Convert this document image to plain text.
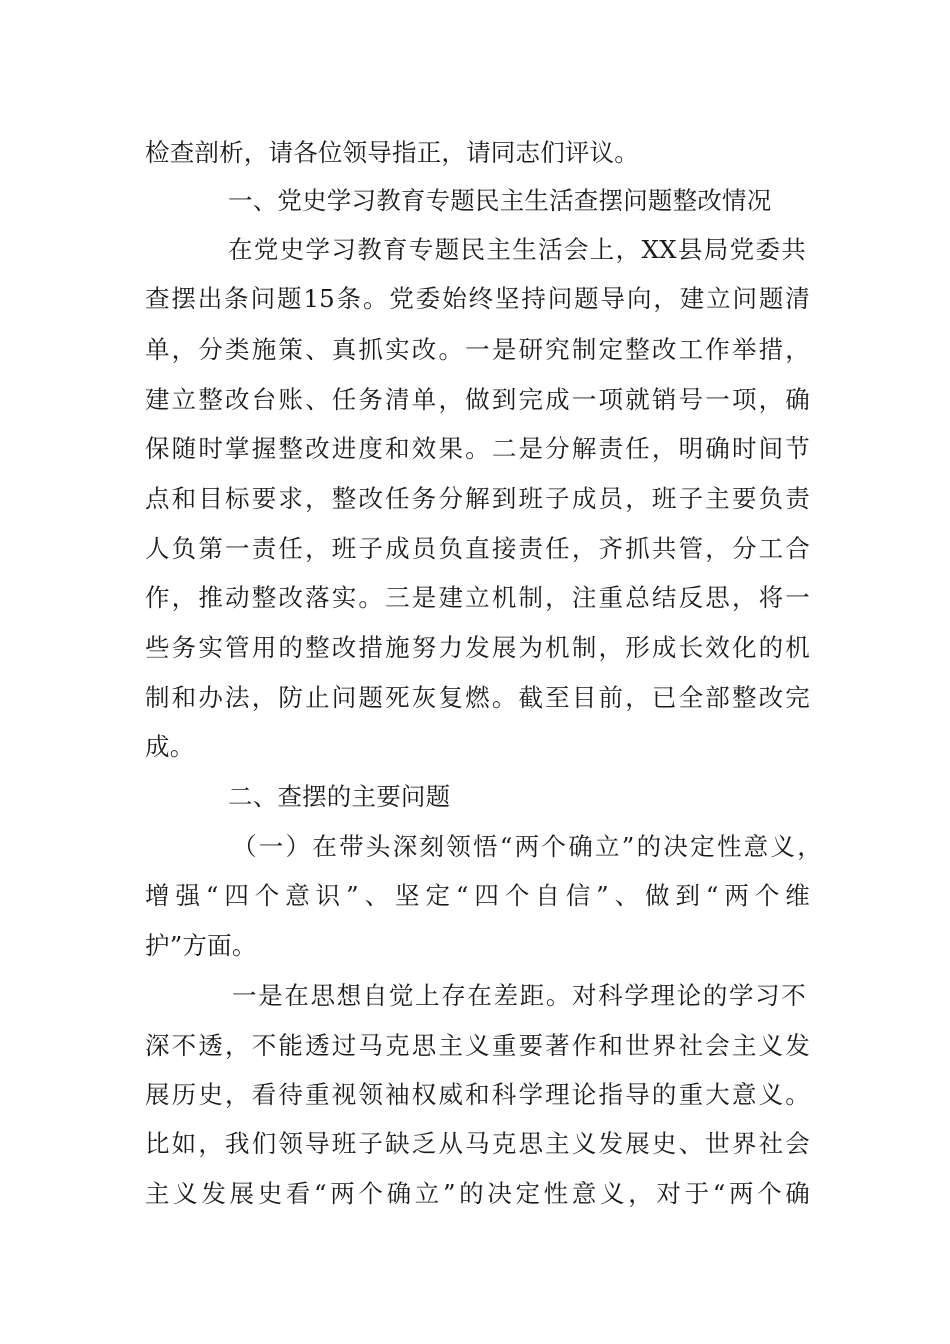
检查剖析，请各位领导指正，请同志们评议。
一、党史学习教育专题民主生活查摆问题整改情况
在党史学习教育专题民主生活会上，XX县局党委共
查摆出条问题15条。党委始终坚持问题导向，建立问题清
单，分类施策、真抓实改。一是研究制定整改工作举措，
建立整改台账、任务清单，做到完成一项就销号一项，确
保随时掌握整改进度和效果。二是分解责任，明确时间节
点和目标要求，整改任务分解到班子成员，班子主要负责
人负第一责任，班子成员负直接责任，齐抓共管，分工合
作，推动整改落实。三是建立机制，注重总结反思，将一
些务实管用的整改措施努力发展为机制，形成长效化的机
制和办法，防止问题死灰复燃。截至目前，已全部整改完
成。
二、查摆的主要问题
（一）在带头深刻领悟“两个确立”的决定性意义，
增强“四个意识”、坚定“四个自信”、做到“两个维
护”方面。
一是在思想自觉上存在差距。对科学理论的学习不
深不透，不能透过马克思主义重要著作和世界社会主义发
展历史，看待重视领袖权威和科学理论指导的重大意义。
比如，我们领导班子缺乏从马克思主义发展史、世界社会
主义发展史看“两个确立”的决定性意义，对于“两个确
